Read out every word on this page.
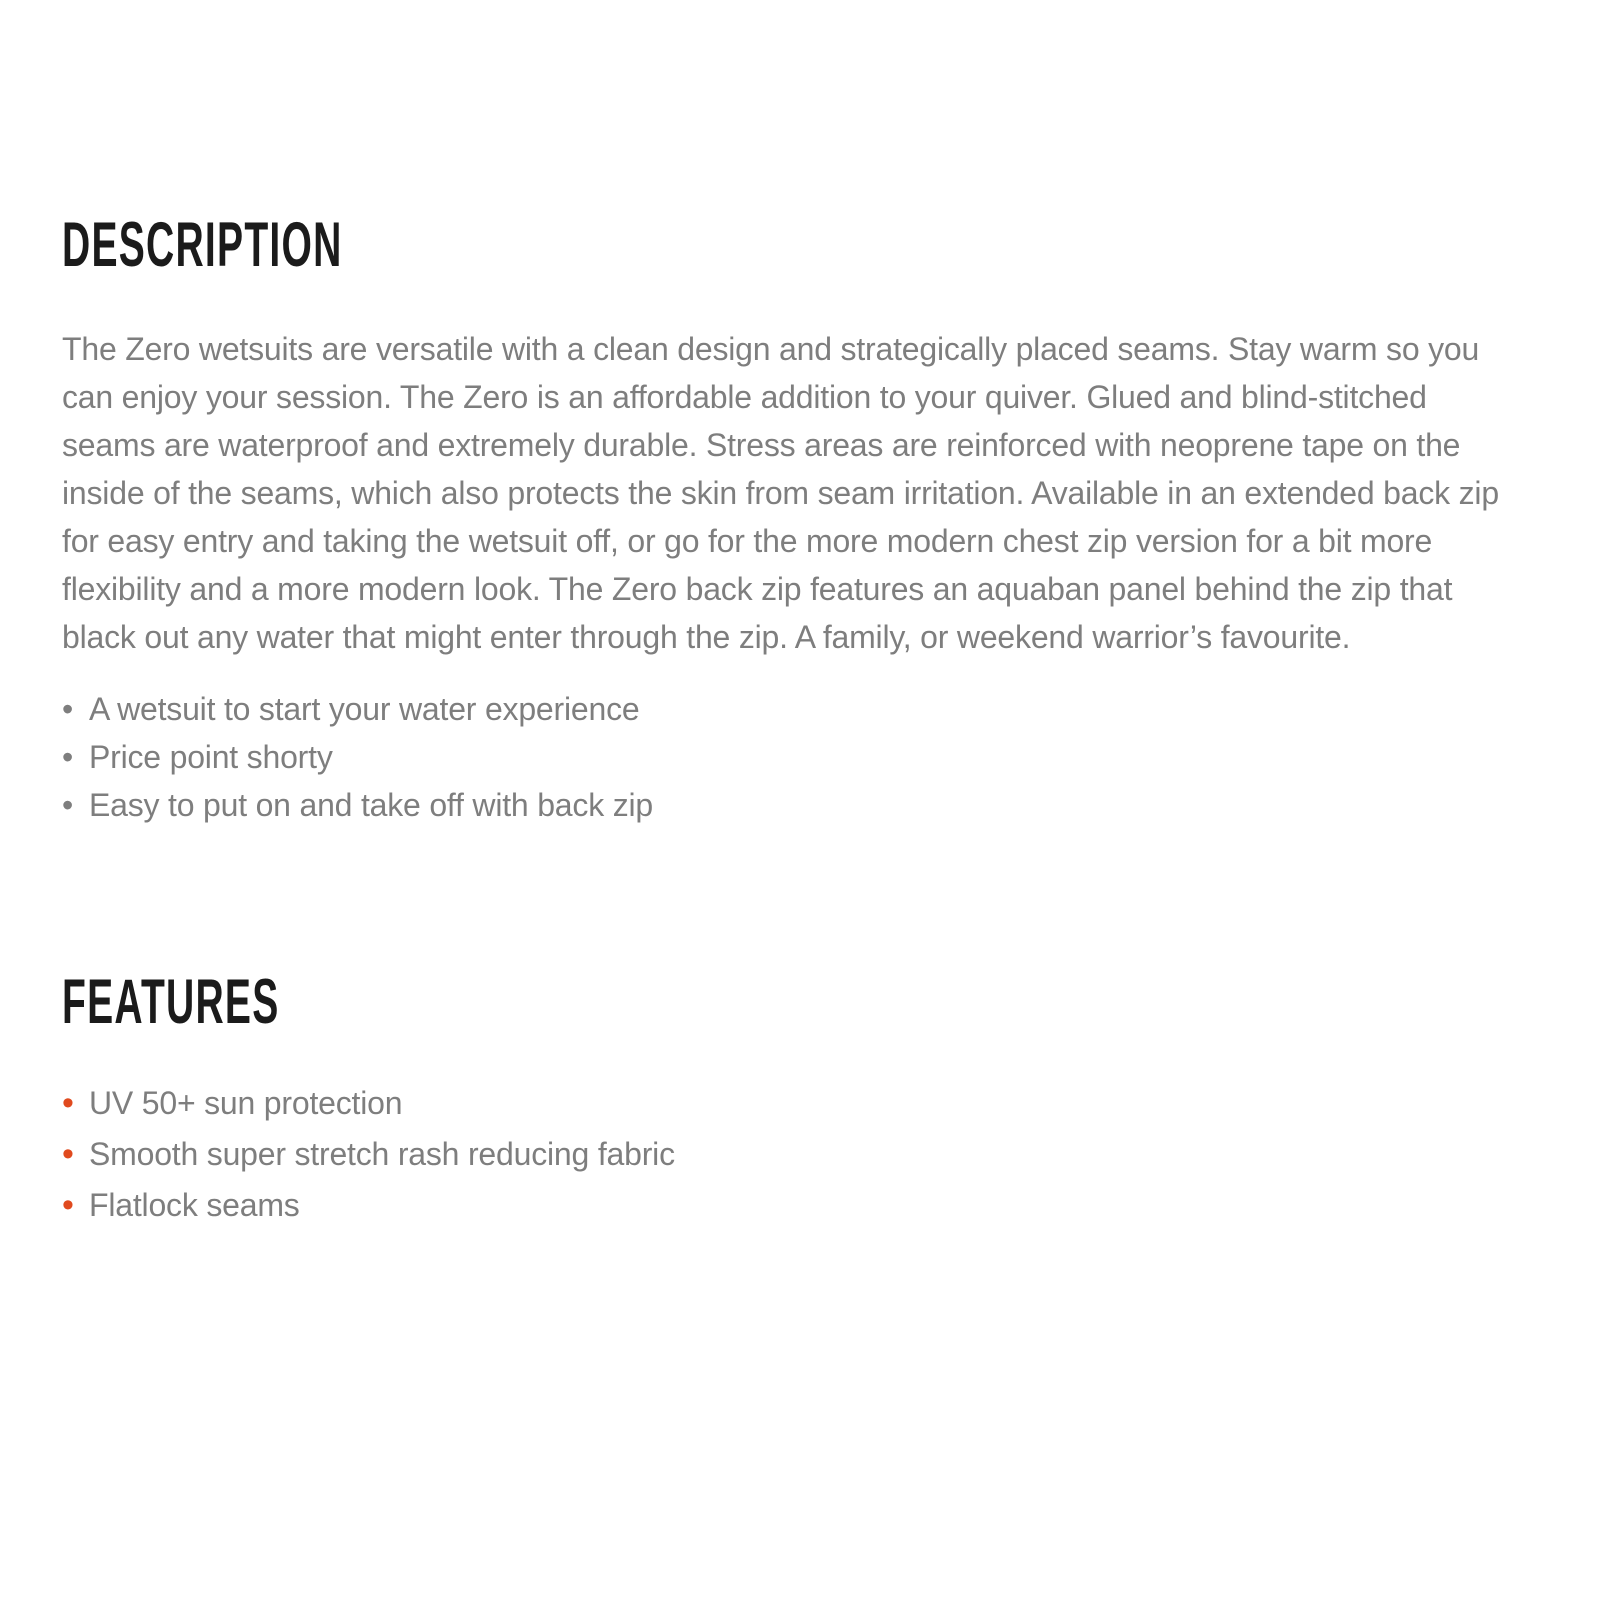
DESCRIPTION

The Zero wetsuits are versatile with a clean design and strategically placed seams. Stay warm so you can enjoy your session. The Zero is an affordable addition to your quiver. Glued and blind-stitched seams are waterproof and extremely durable. Stress areas are reinforced with neoprene tape on the inside of the seams, which also protects the skin from seam irritation. Available in an extended back zip for easy entry and taking the wetsuit off, or go for the more modern chest zip version for a bit more flexibility and a more modern look. The Zero back zip features an aquaban panel behind the zip that black out any water that might enter through the zip. A family, or weekend warrior’s favourite.

• A wetsuit to start your water experience
• Price point shorty
• Easy to put on and take off with back zip
FEATURES
• UV 50+ sun protection
• Smooth super stretch rash reducing fabric
• Flatlock seams
